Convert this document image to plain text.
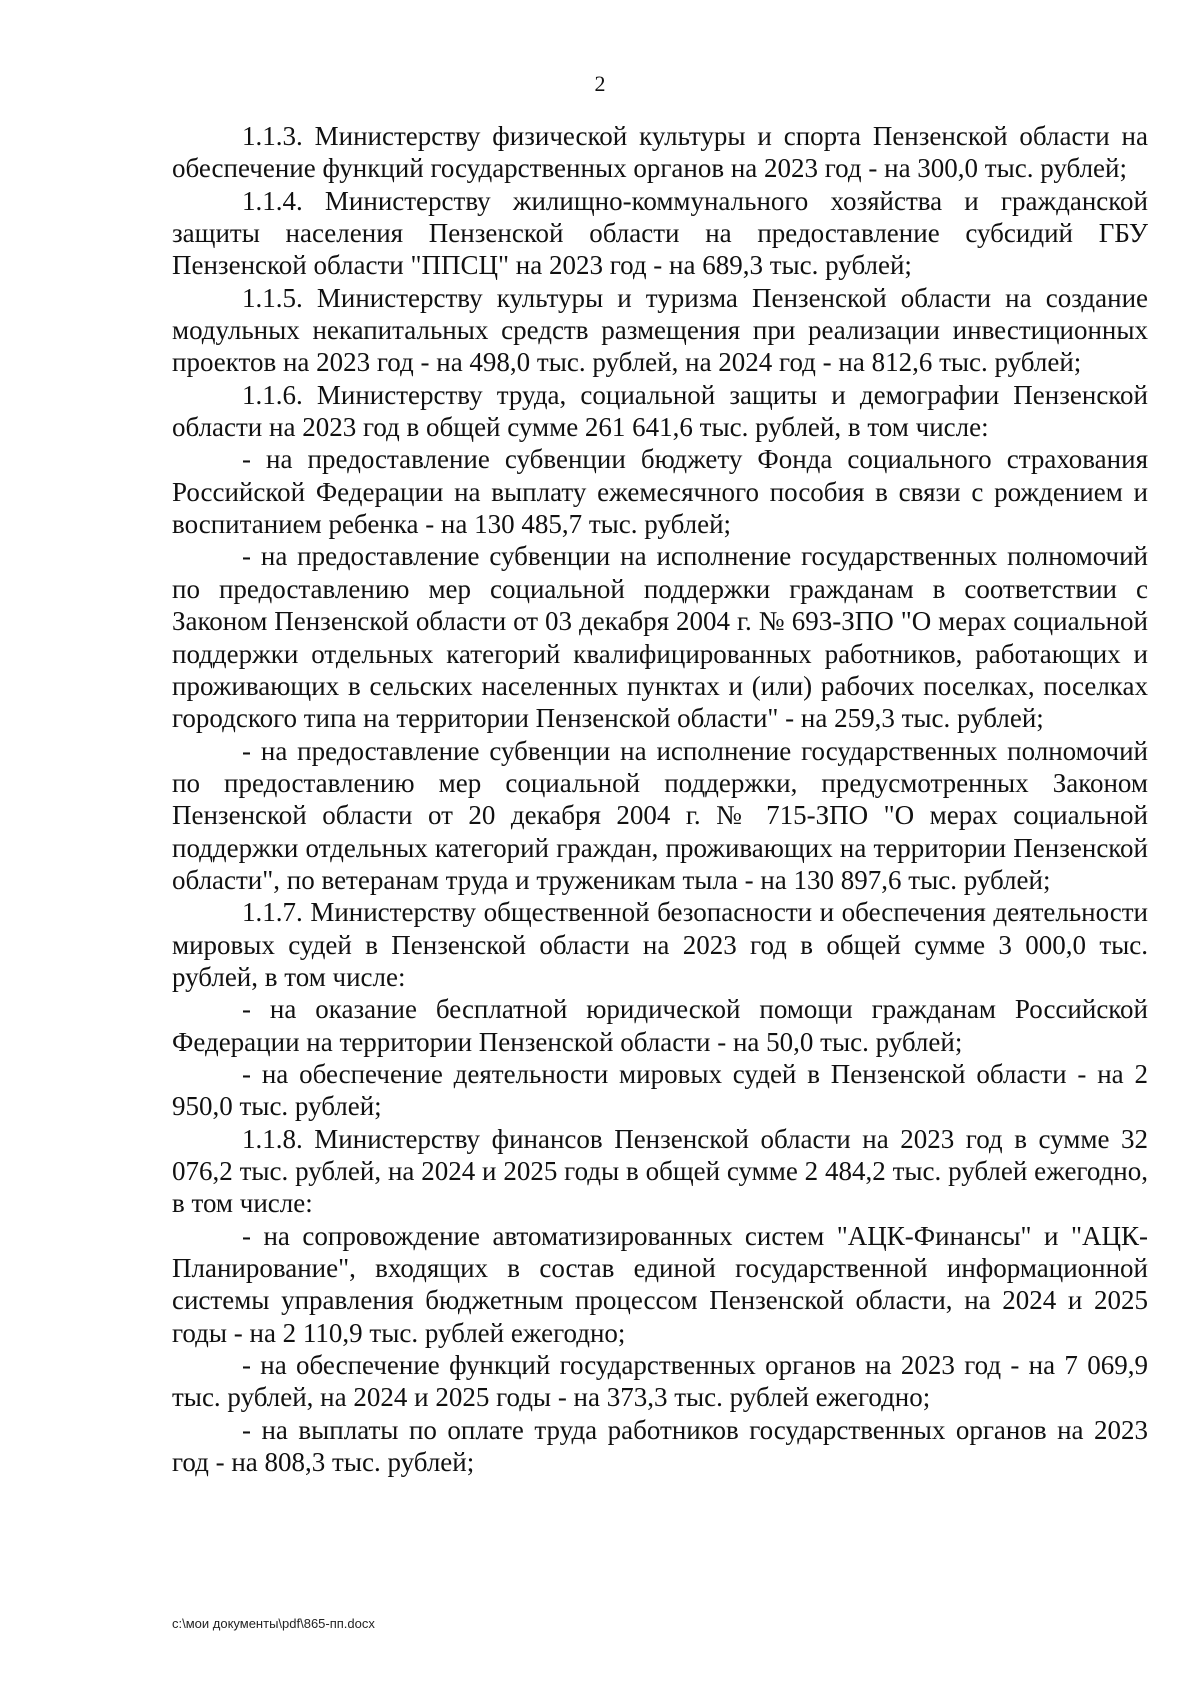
2

1.1.3. Министерству физической культуры и спорта Пензенской области на обеспечение функций государственных органов на 2023 год - на 300,0 тыс. рублей;

1.1.4. Министерству жилищно-коммунального хозяйства и гражданской защиты населения Пензенской области на предоставление субсидий ГБУ Пензенской области "ППСЦ" на 2023 год - на 689,3 тыс. рублей;

1.1.5. Министерству культуры и туризма Пензенской области на создание модульных некапитальных средств размещения при реализации инвестиционных проектов на 2023 год - на 498,0 тыс. рублей, на 2024 год - на 812,6 тыс. рублей;

1.1.6. Министерству труда, социальной защиты и демографии Пензенской области на 2023 год в общей сумме 261 641,6 тыс. рублей, в том числе:

- на предоставление субвенции бюджету Фонда социального страхования Российской Федерации на выплату ежемесячного пособия в связи с рождением и воспитанием ребенка - на 130 485,7 тыс. рублей;

- на предоставление субвенции на исполнение государственных полномочий по предоставлению мер социальной поддержки гражданам в соответствии с Законом Пензенской области от 03 декабря 2004 г. № 693-ЗПО "О мерах социальной поддержки отдельных категорий квалифицированных работников, работающих и проживающих в сельских населенных пунктах и (или) рабочих поселках, поселках городского типа на территории Пензенской области" - на 259,3 тыс. рублей;

- на предоставление субвенции на исполнение государственных полномочий по предоставлению мер социальной поддержки, предусмотренных Законом Пензенской области от 20 декабря 2004 г. № 715-ЗПО "О мерах социальной поддержки отдельных категорий граждан, проживающих на территории Пензенской области", по ветеранам труда и труженикам тыла - на 130 897,6 тыс. рублей;

1.1.7. Министерству общественной безопасности и обеспечения деятельности мировых судей в Пензенской области на 2023 год в общей сумме 3 000,0 тыс. рублей, в том числе:

- на оказание бесплатной юридической помощи гражданам Российской Федерации на территории Пензенской области - на 50,0 тыс. рублей;

- на обеспечение деятельности мировых судей в Пензенской области - на 2 950,0 тыс. рублей;

1.1.8. Министерству финансов Пензенской области на 2023 год в сумме 32 076,2 тыс. рублей, на 2024 и 2025 годы в общей сумме 2 484,2 тыс. рублей ежегодно, в том числе:

- на сопровождение автоматизированных систем "АЦК-Финансы" и "АЦК-Планирование", входящих в состав единой государственной информационной системы управления бюджетным процессом Пензенской области, на 2024 и 2025 годы - на 2 110,9 тыс. рублей ежегодно;

- на обеспечение функций государственных органов на 2023 год - на 7 069,9 тыс. рублей, на 2024 и 2025 годы - на 373,3 тыс. рублей ежегодно;

- на выплаты по оплате труда работников государственных органов на 2023 год - на 808,3 тыс. рублей;

c:\мои документы\pdf\865-пп.docx
